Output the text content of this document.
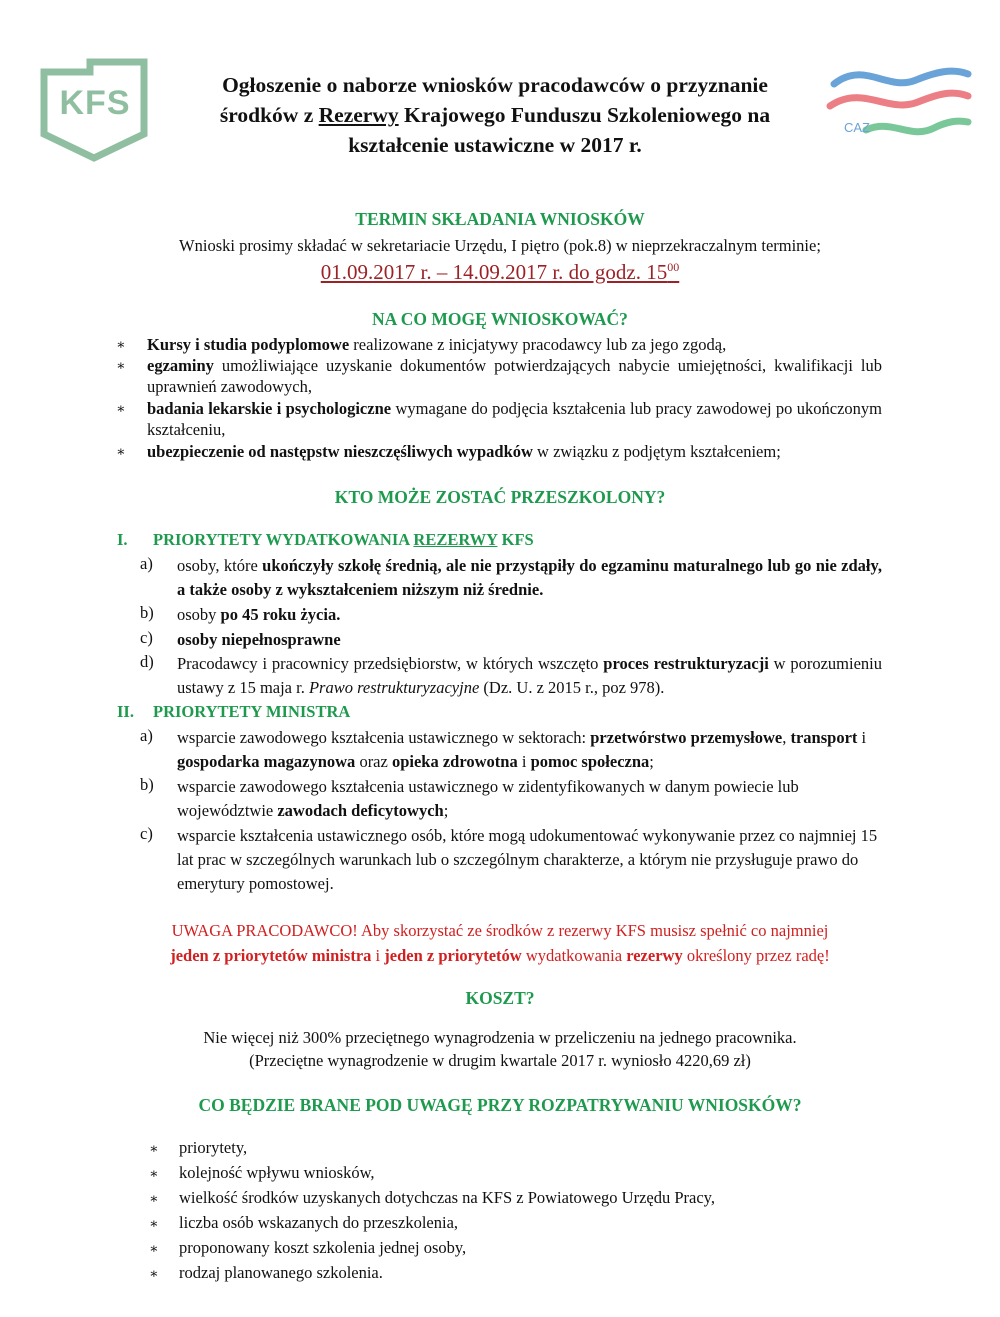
KFS
CAZ
Ogłoszenie o naborze wniosków pracodawców o przyznanie
środków z Rezerwy Krajowego Funduszu Szkoleniowego na
kształcenie ustawiczne w 2017 r.
TERMIN SKŁADANIA WNIOSKÓW
Wnioski prosimy składać w sekretariacie Urzędu, I piętro (pok.8) w nieprzekraczalnym terminie;
01.09.2017 r. – 14.09.2017 r. do godz. $15^{00}$
NA CO MOGĘ WNIOSKOWAĆ?
∗	Kursy i studia podyplomowe realizowane z inicjatywy pracodawcy lub za jego zgodą,
∗	egzaminy umożliwiające uzyskanie dokumentów potwierdzających nabycie umiejętności, kwalifikacji lub uprawnień zawodowych,
∗	badania lekarskie i psychologiczne wymagane do podjęcia kształcenia lub pracy zawodowej po ukończonym kształceniu,
∗	ubezpieczenie od następstw nieszczęśliwych wypadków w związku z podjętym kształceniem;
KTO MOŻE ZOSTAĆ PRZESZKOLONY?
I. PRIORYTETY WYDATKOWANIA REZERWY KFS
a) osoby, które ukończyły szkołę średnią, ale nie przystąpiły do egzaminu maturalnego lub go nie zdały, a także osoby z wykształceniem niższym niż średnie.
b) osoby po 45 roku życia.
c) osoby niepełnosprawne
d) Pracodawcy i pracownicy przedsiębiorstw, w których wszczęto proces restrukturyzacji w porozumieniu ustawy z 15 maja r. Prawo restrukturyzacyjne (Dz. U. z 2015 r., poz 978).
II. PRIORYTETY MINISTRA
a) wsparcie zawodowego kształcenia ustawicznego w sektorach: przetwórstwo przemysłowe, transport i gospodarka magazynowa oraz opieka zdrowotna i pomoc społeczna;
b) wsparcie zawodowego kształcenia ustawicznego w zidentyfikowanych w danym powiecie lub województwie zawodach deficytowych;
c) wsparcie kształcenia ustawicznego osób, które mogą udokumentować wykonywanie przez co najmniej 15 lat prac w szczególnych warunkach lub o szczególnym charakterze, a którym nie przysługuje prawo do emerytury pomostowej.
UWAGA PRACODAWCO! Aby skorzystać ze środków z rezerwy KFS musisz spełnić co najmniej
jeden z priorytetów ministra i jeden z priorytetów wydatkowania rezerwy określony przez radę!
KOSZT?
Nie więcej niż 300% przeciętnego wynagrodzenia w przeliczeniu na jednego pracownika.
(Przeciętne wynagrodzenie w drugim kwartale 2017 r. wyniosło 4220,69 zł)
CO BĘDZIE BRANE POD UWAGĘ PRZY ROZPATRYWANIU WNIOSKÓW?
∗ priorytety,
∗ kolejność wpływu wniosków,
∗ wielkość środków uzyskanych dotychczas na KFS z Powiatowego Urzędu Pracy,
∗ liczba osób wskazanych do przeszkolenia,
∗ proponowany koszt szkolenia jednej osoby,
∗ rodzaj planowanego szkolenia.
